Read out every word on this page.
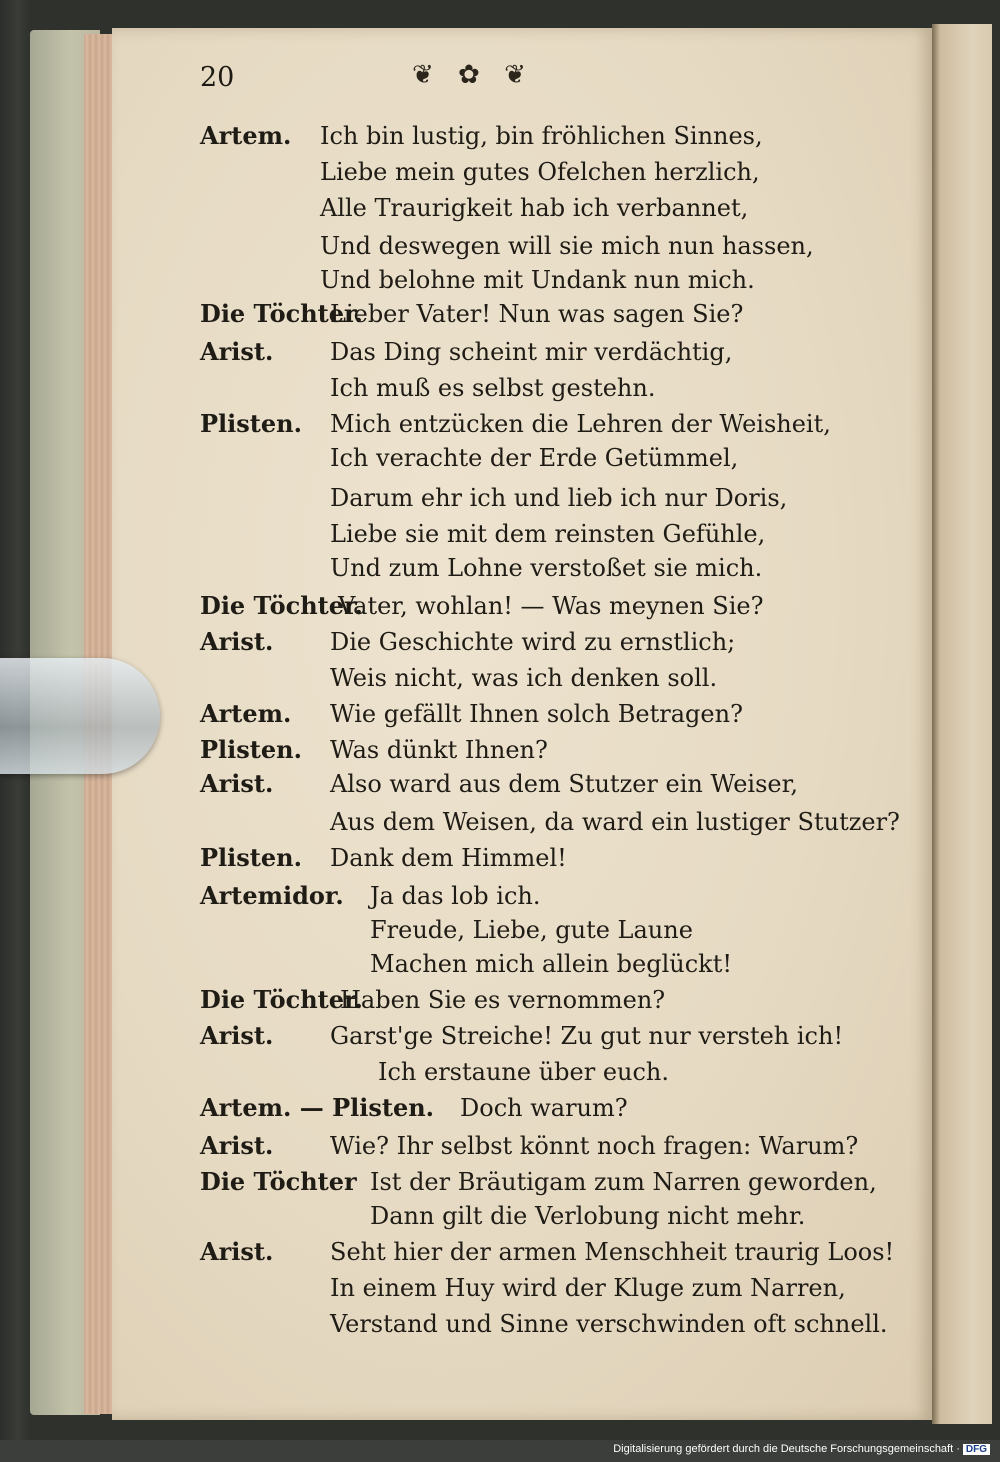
20	❦ ✿ ❦
Artem. Ich bin lustig, bin fröhlichen Sinnes,
Liebe mein gutes Ofelchen herzlich,
Alle Traurigkeit hab ich verbannet,
Und deswegen will sie mich nun hassen,
Und belohne mit Undank nun mich.
Die Töchter.
Lieber Vater! Nun was sagen Sie?
Arist. Das Ding scheint mir verdächtig,
Ich muß es selbst gestehn.
Plisten. Mich entzücken die Lehren der Weisheit,
Ich verachte der Erde Getümmel,
Darum ehr ich und lieb ich nur Doris,
Liebe sie mit dem reinsten Gefühle,
Und zum Lohne verstoßet sie mich.
Die Töchter.
Vater, wohlan! — Was meynen Sie?
Arist. Die Geschichte wird zu ernstlich;
Weis nicht, was ich denken soll.
Artem. Wie gefällt Ihnen solch Betragen?
Plisten. Was dünkt Ihnen?
Arist. Also ward aus dem Stutzer ein Weiser,
Aus dem Weisen, da ward ein lustiger Stutzer?
Plisten. Dank dem Himmel!
Artemidor. Ja das lob ich.
Freude, Liebe, gute Laune
Machen mich allein beglückt!
Die Töchter.
Haben Sie es vernommen?
Arist. Garst'ge Streiche! Zu gut nur versteh ich!
Ich erstaune über euch.
Artem. — Plisten. Doch warum?
Arist. Wie? Ihr selbst könnt noch fragen: Warum?
Die Töchter Ist der Bräutigam zum Narren geworden,
Dann gilt die Verlobung nicht mehr.
Arist. Seht hier der armen Menschheit traurig Loos!
In einem Huy wird der Kluge zum Narren,
Verstand und Sinne verschwinden oft schnell.
Digitalisierung gefördert durch die Deutsche Forschungsgemeinschaft · DFG
